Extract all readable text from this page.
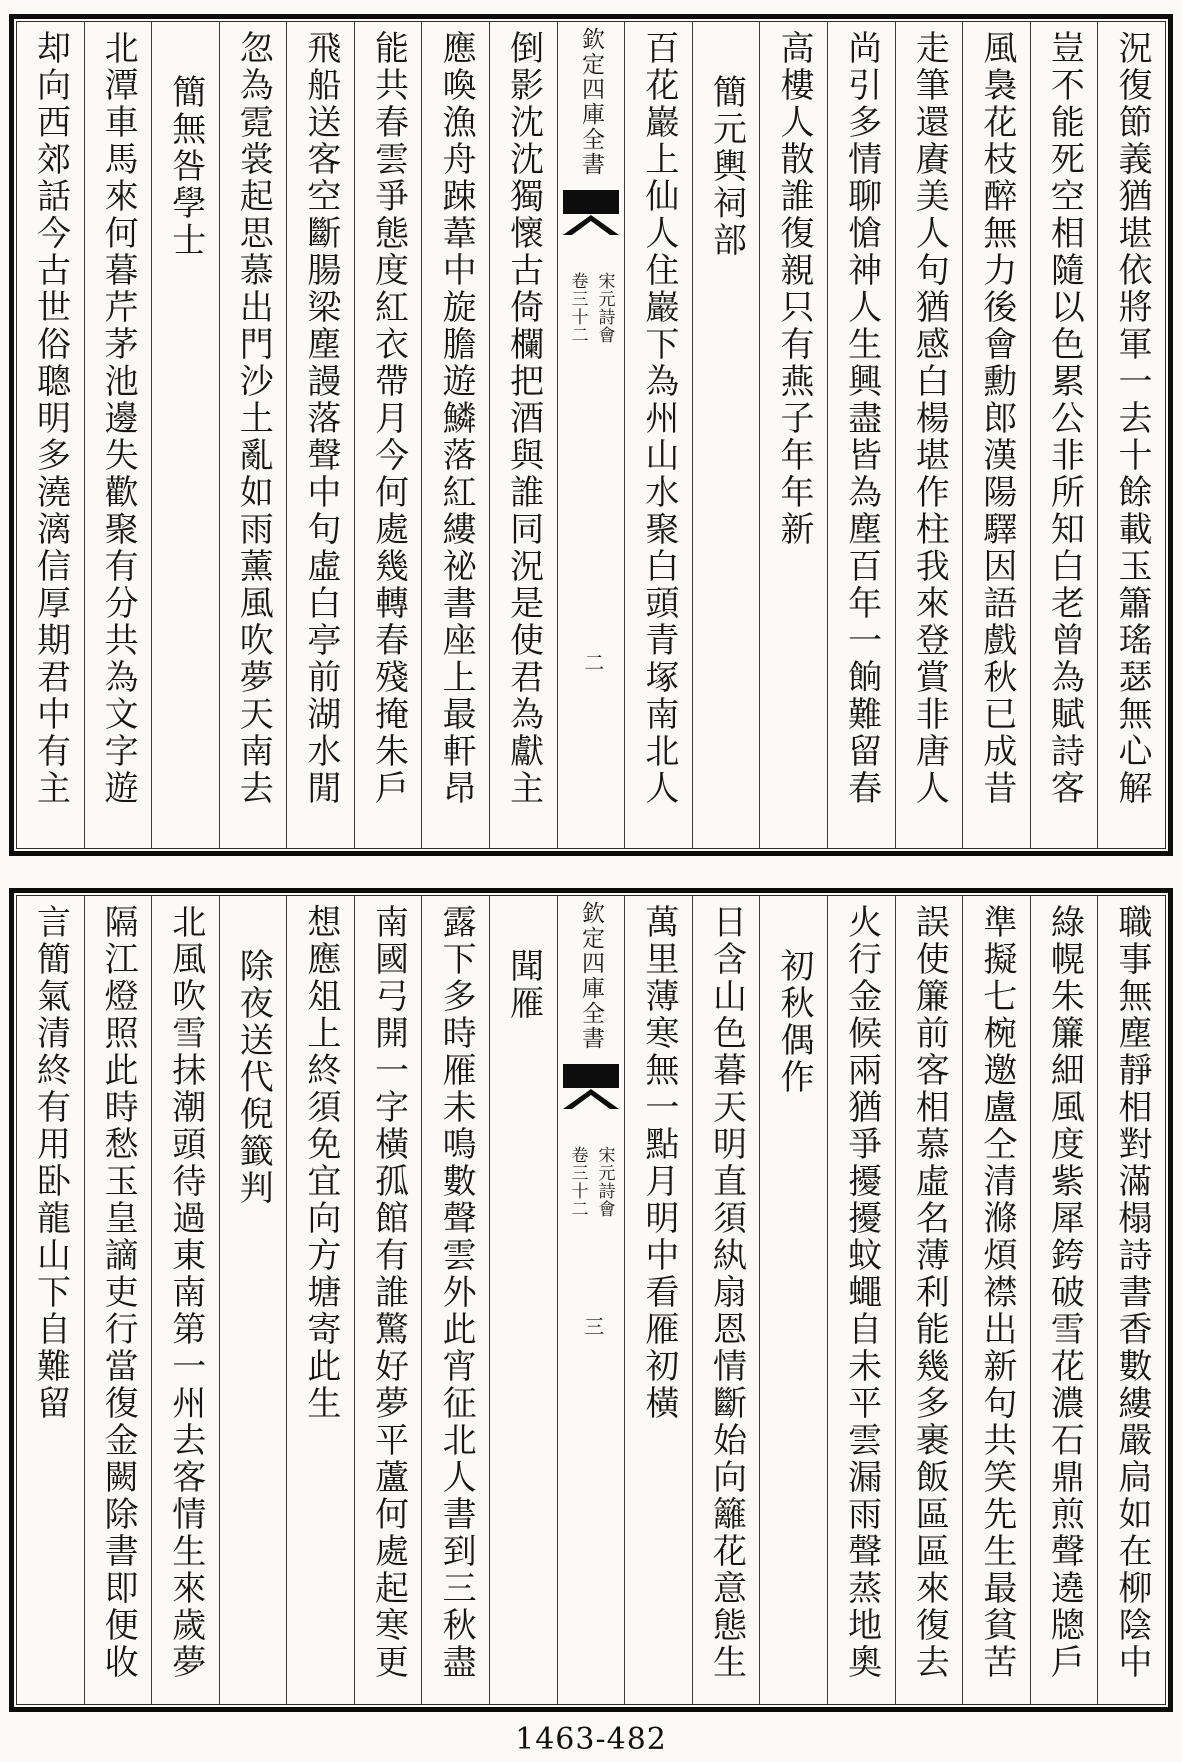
況復節義猶堪依將軍一去十餘載玉簫瑤瑟無心解
豈不能死空相隨以色累公非所知白老曾為賦詩客
風裊花枝醉無力後會勳郎漢陽驛因語戲秋已成昔
走筆還賡美人句猶感白楊堪作柱我來登賞非唐人
尚引多情聊愴神人生興盡皆為塵百年一餉難留春
高樓人散誰復親只有燕子年年新
簡元輿祠部
百花巖上仙人住巖下為州山水聚白頭青塚南北人
欽定四庫全書
宋元詩會
卷三十二
二
倒影沈沈獨懷古倚欄把酒與誰同況是使君為獻主
應喚漁舟踈葦中旋膽遊鱗落紅縷祕書座上最軒昂
能共春雲爭態度紅衣帶月今何處幾轉春殘掩朱戶
飛船送客空斷腸梁塵謾落聲中句虛白亭前湖水閒
忽為霓裳起思慕出門沙土亂如雨薰風吹夢天南去
簡無咎學士
北潭車馬來何暮芹茅池邊失歡聚有分共為文字遊
却向西郊話今古世俗聰明多澆漓信厚期君中有主
職事無塵靜相對滿榻詩書香數縷嚴扃如在柳陰中
綠幌朱簾細風度紫犀銙破雪花濃石鼎煎聲遶牕戶
準擬七椀邀盧仝清滌煩襟出新句共笑先生最貧苦
誤使簾前客相慕虛名薄利能幾多裹飯區區來復去
火行金候兩猶爭擾擾蚊蠅自未平雲漏雨聲蒸地奧
初秋偶作
日含山色暮天明直須紈扇恩情斷始向籬花意態生
萬里薄寒無一點月明中看雁初橫
欽定四庫全書
宋元詩會
卷三十二
三
聞雁
露下多時雁未鳴數聲雲外此宵征北人書到三秋盡
南國弓開一字橫孤館有誰驚好夢平蘆何處起寒更
想應俎上終須免宜向方塘寄此生
除夜送代倪籤判
北風吹雪抹潮頭待過東南第一州去客情生來歲夢
隔江燈照此時愁玉皇謫吏行當復金闕除書即便收
言簡氣清終有用卧龍山下自難留
1463-482
